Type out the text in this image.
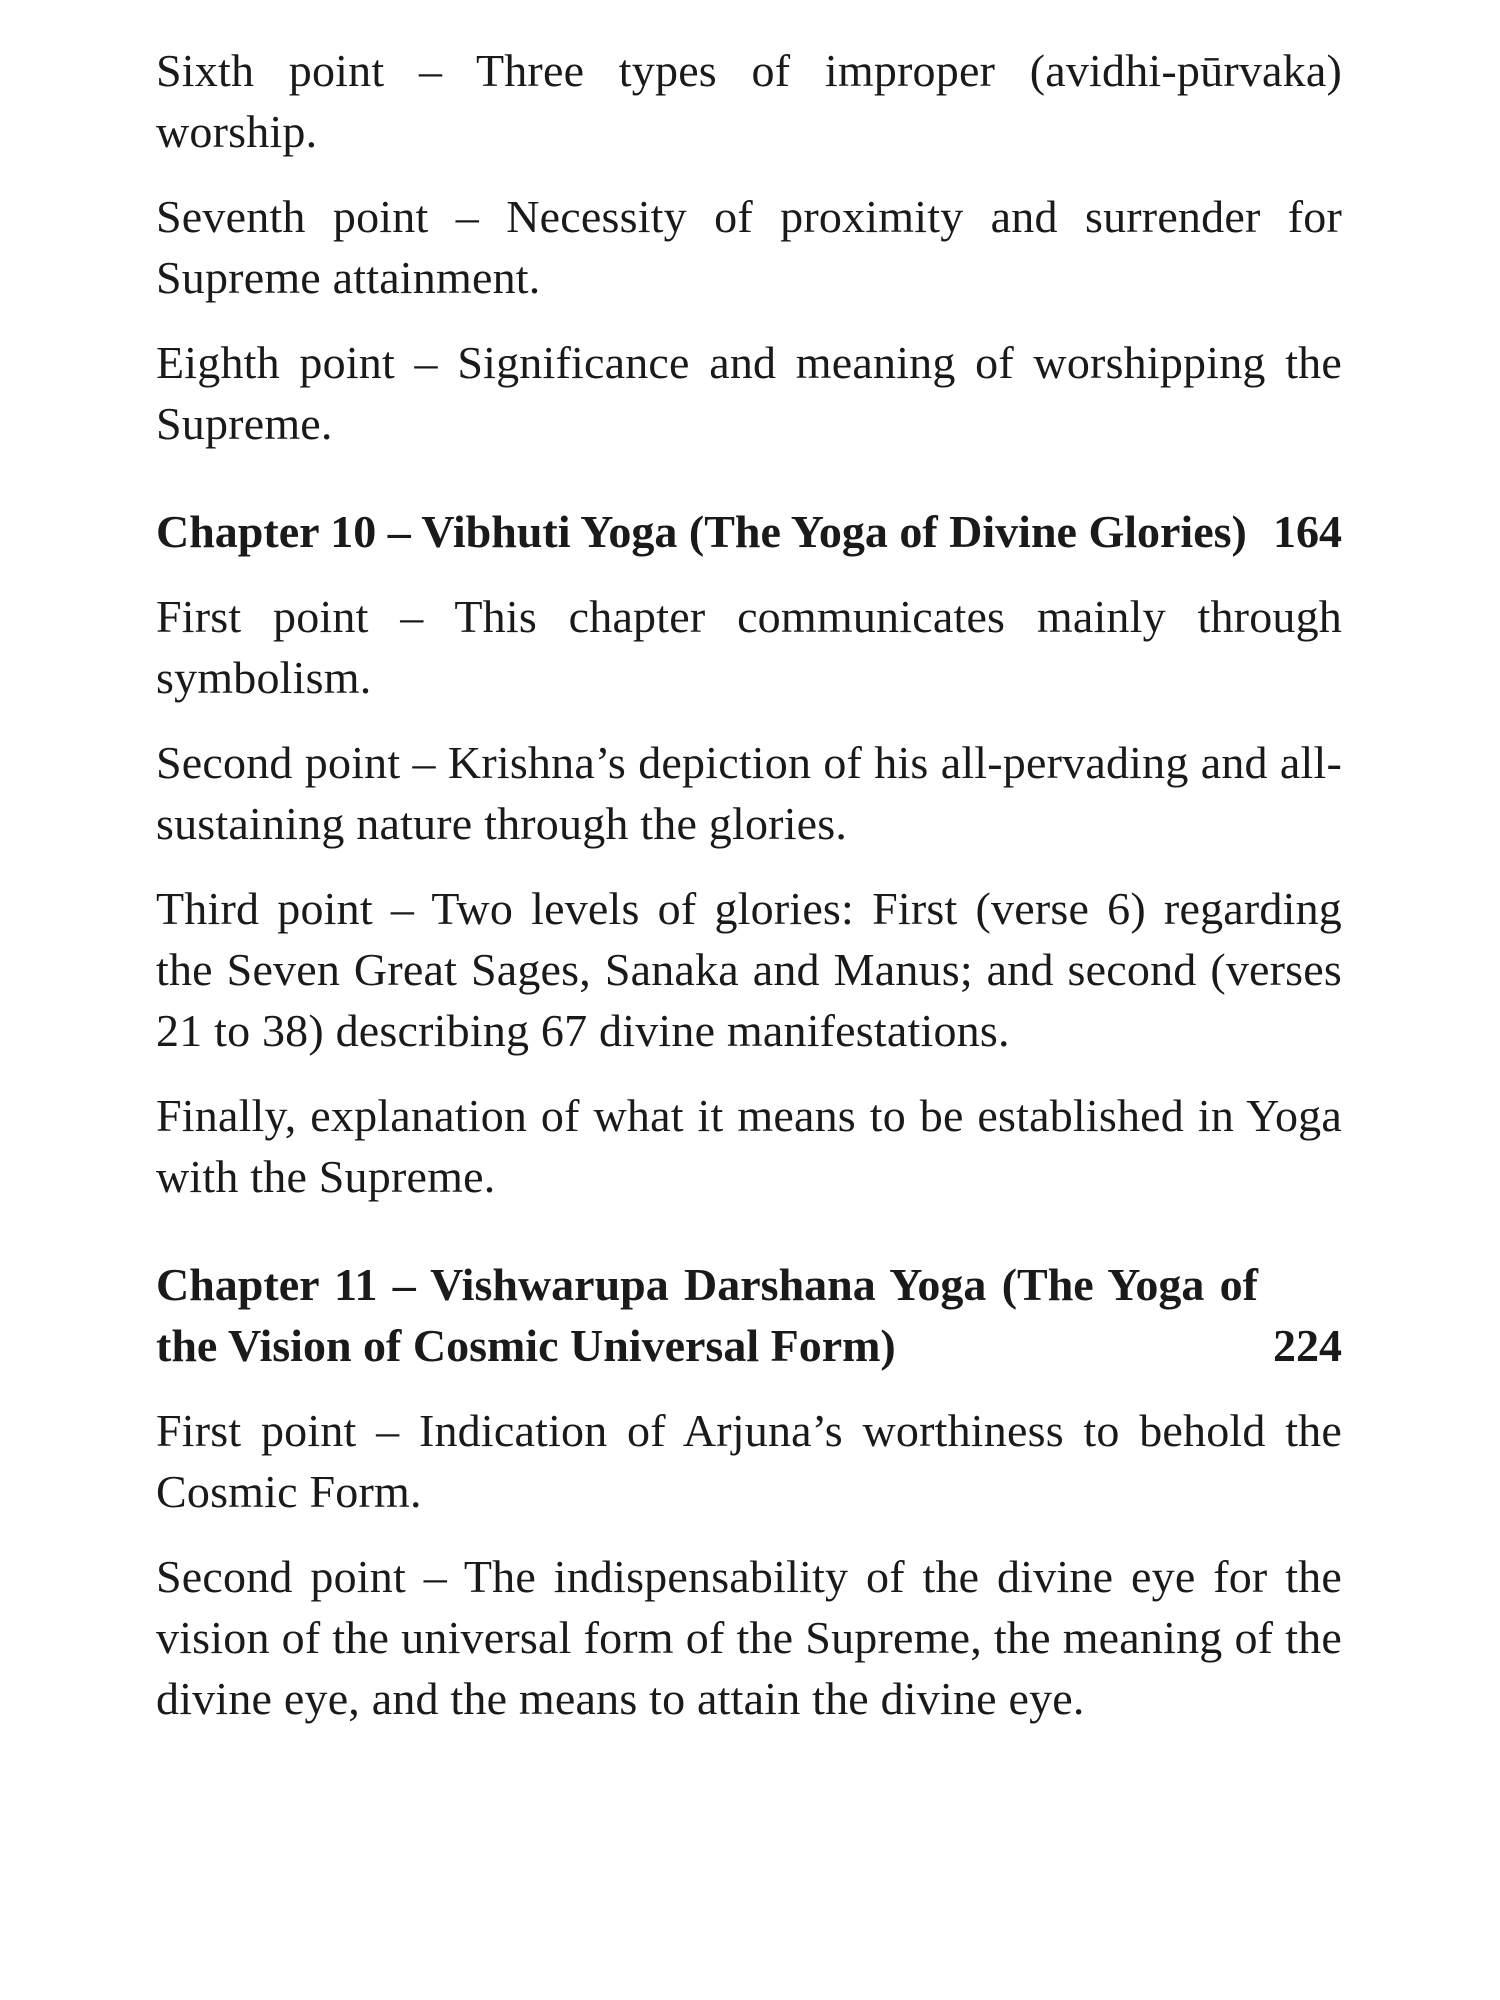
Sixth point – Three types of improper (avidhi-pūrvaka) worship.

Seventh point – Necessity of proximity and surrender for Supreme attainment.

Eighth point – Significance and meaning of worshipping the Supreme.

Chapter 10 – Vibhuti Yoga (The Yoga of Divine Glories) 164

First point – This chapter communicates mainly through symbolism.

Second point – Krishna’s depiction of his all-pervading and all-sustaining nature through the glories.

Third point – Two levels of glories: First (verse 6) regarding the Seven Great Sages, Sanaka and Manus; and second (verses 21 to 38) describing 67 divine manifestations.

Finally, explanation of what it means to be established in Yoga with the Supreme.

Chapter 11 – Vishwarupa Darshana Yoga (The Yoga of the Vision of Cosmic Universal Form)	224

First point – Indication of Arjuna’s worthiness to behold the Cosmic Form.

Second point – The indispensability of the divine eye for the vision of the universal form of the Supreme, the meaning of the divine eye, and the means to attain the divine eye.
